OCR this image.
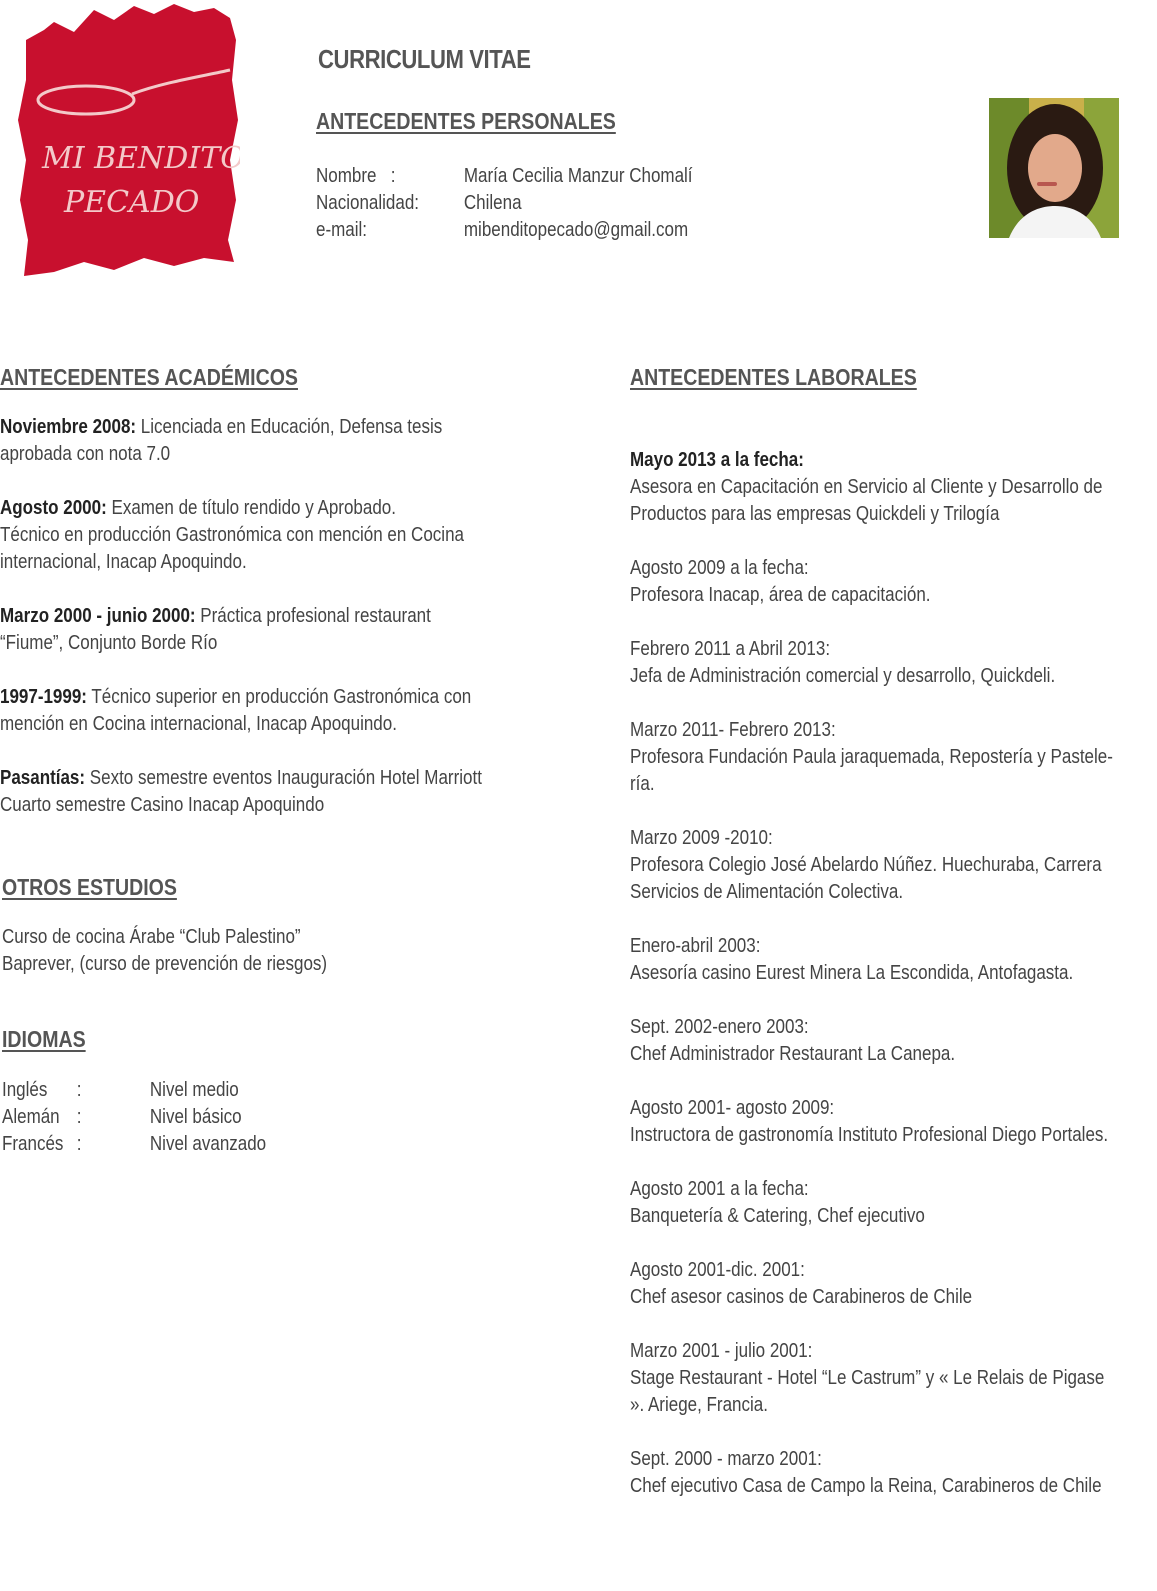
MI BENDITO
PECADO
CURRICULUM VITAE
ANTECEDENTES PERSONALES
Nombre :	María Cecilia Manzur Chomalí
Nacionalidad: Chilena
e-mail:	mibenditopecado@gmail.com
ANTECEDENTES ACADÉMICOS
Noviembre 2008: Licenciada en Educación, Defensa tesis
aprobada con nota 7.0
Agosto 2000: Examen de título rendido y Aprobado.
Técnico en producción Gastronómica con mención en Cocina
internacional, Inacap Apoquindo.
Marzo 2000 - junio 2000: Práctica profesional restaurant
“Fiume”, Conjunto Borde Río
1997-1999: Técnico superior en producción Gastronómica con
mención en Cocina internacional, Inacap Apoquindo.
Pasantías: Sexto semestre eventos Inauguración Hotel Marriott
Cuarto semestre Casino Inacap Apoquindo
OTROS ESTUDIOS
Curso de cocina Árabe “Club Palestino”
Baprever, (curso de prevención de riesgos)
IDIOMAS
Inglés :	Nivel medio
Alemán :	Nivel básico
Francés :	Nivel avanzado
ANTECEDENTES LABORALES
Mayo 2013 a la fecha:
Asesora en Capacitación en Servicio al Cliente y Desarrollo de
Productos para las empresas Quickdeli y Trilogía
Agosto 2009 a la fecha:
Profesora Inacap, área de capacitación.
Febrero 2011 a Abril 2013:
Jefa de Administración comercial y desarrollo, Quickdeli.
Marzo 2011- Febrero 2013:
Profesora Fundación Paula jaraquemada, Repostería y Pastele-
ría.
Marzo 2009 -2010:
Profesora Colegio José Abelardo Núñez. Huechuraba, Carrera
Servicios de Alimentación Colectiva.
Enero-abril 2003:
Asesoría casino Eurest Minera La Escondida, Antofagasta.
Sept. 2002-enero 2003:
Chef Administrador Restaurant La Canepa.
Agosto 2001- agosto 2009:
Instructora de gastronomía Instituto Profesional Diego Portales.
Agosto 2001 a la fecha:
Banquetería & Catering, Chef ejecutivo
Agosto 2001-dic. 2001:
Chef asesor casinos de Carabineros de Chile
Marzo 2001 - julio 2001:
Stage Restaurant - Hotel “Le Castrum” y « Le Relais de Pigase
». Ariege, Francia.
Sept. 2000 - marzo 2001:
Chef ejecutivo Casa de Campo la Reina, Carabineros de Chile
